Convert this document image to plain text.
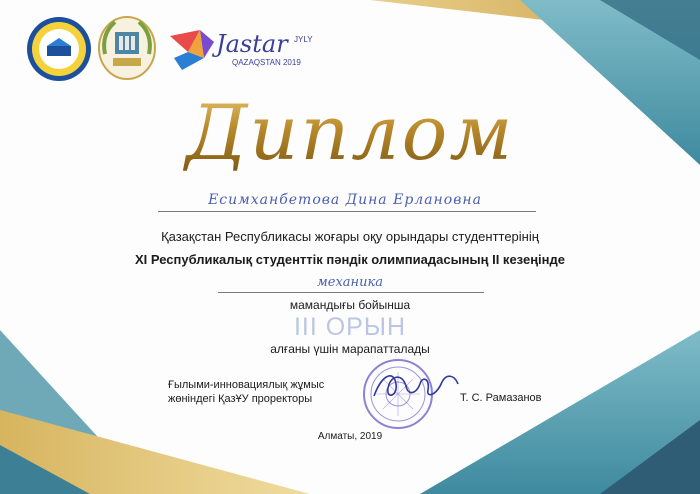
Jastar JYLY
QAZAQSTAN 2019
Диплом
Есимханбетова Дина Ерлановна
Қазақстан Республикасы жоғары оқу орындары студенттерінің
XI Республикалық студенттік пәндік олимпиадасының ІІ кезеңінде
механика
мамандығы бойынша
ІІІ ОРЫН
алғаны үшін марапатталады
Ғылыми-инновациялық жұмыс
жөніндегі ҚазҰУ проректоры	Т. С. Рамазанов
Алматы, 2019
